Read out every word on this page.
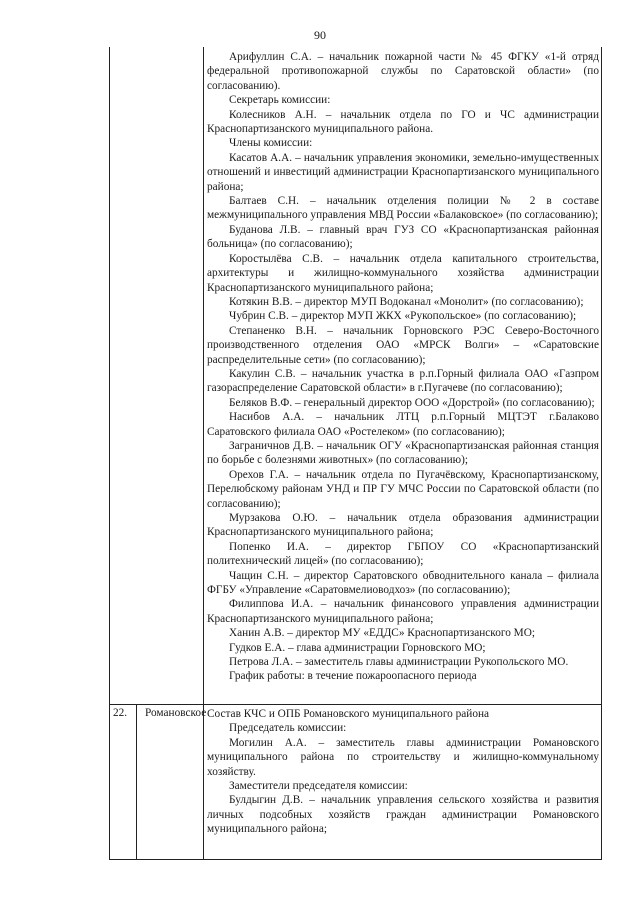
90

Арифуллин С.А. – начальник пожарной части № 45 ФГКУ «1-й отряд федеральной противопожарной службы по Саратовской области» (по согласованию).

Секретарь комиссии:

Колесников А.Н. – начальник отдела по ГО и ЧС администрации Краснопартизанского муниципального района.

Члены комиссии:

Касатов А.А. – начальник управления экономики, земельно-имущественных отношений и инвестиций администрации Краснопартизанского муниципального района;

Балтаев С.Н. – начальник отделения полиции № 2 в составе межмуниципального управления МВД России «Балаковское» (по согласованию);

Буданова Л.В. – главный врач ГУЗ СО «Краснопартизанская районная больница» (по согласованию);

Коростылёва С.В. – начальник отдела капитального строительства, архитектуры и жилищно-коммунального хозяйства администрации Краснопартизанского муниципального района;

Котякин В.В. – директор МУП Водоканал «Монолит» (по согласованию);

Чубрин С.В. – директор МУП ЖКХ «Рукопольское» (по согласованию);

Степаненко В.Н. – начальник Горновского РЭС Северо-Восточного производственного отделения ОАО «МРСК Волги» – «Саратовские распределительные сети» (по согласованию);

Какулин С.В. – начальник участка в р.п.Горный филиала ОАО «Газпром газораспределение Саратовской области» в г.Пугачеве (по согласованию);

Беляков В.Ф. – генеральный директор ООО «Дорстрой» (по согласованию);

Насибов А.А. – начальник ЛТЦ р.п.Горный МЦТЭТ г.Балаково Саратовского филиала ОАО «Ростелеком» (по согласованию);

Заграничнов Д.В. – начальник ОГУ «Краснопартизанская районная станция по борьбе с болезнями животных» (по согласованию);

Орехов Г.А. – начальник отдела по Пугачёвскому, Краснопартизанскому, Перелюбскому районам УНД и ПР ГУ МЧС России по Саратовской области (по согласованию);

Мурзакова О.Ю. – начальник отдела образования администрации Краснопартизанского муниципального района;

Попенко И.А. – директор ГБПОУ СО «Краснопартизанский политехнический лицей» (по согласованию);

Чащин С.Н. – директор Саратовского обводнительного канала – филиала ФГБУ «Управление «Саратовмелиоводхоз» (по согласованию);

Филиппова И.А. – начальник финансового управления администрации Краснопартизанского муниципального района;

Ханин А.В. – директор МУ «ЕДДС» Краснопартизанского МО;

Гудков Е.А. – глава администрации Горновского МО;

Петрова Л.А. – заместитель главы администрации Рукопольского МО.

График работы: в течение пожароопасного периода

22. Романовское Состав КЧС и ОПБ Романовского муниципального района

Председатель комиссии:

Могилин А.А. – заместитель главы администрации Романовского муниципального района по строительству и жилищно-коммунальному хозяйству.

Заместители председателя комиссии:

Булдыгин Д.В. – начальник управления сельского хозяйства и развития личных подсобных хозяйств граждан администрации Романовского муниципального района;
